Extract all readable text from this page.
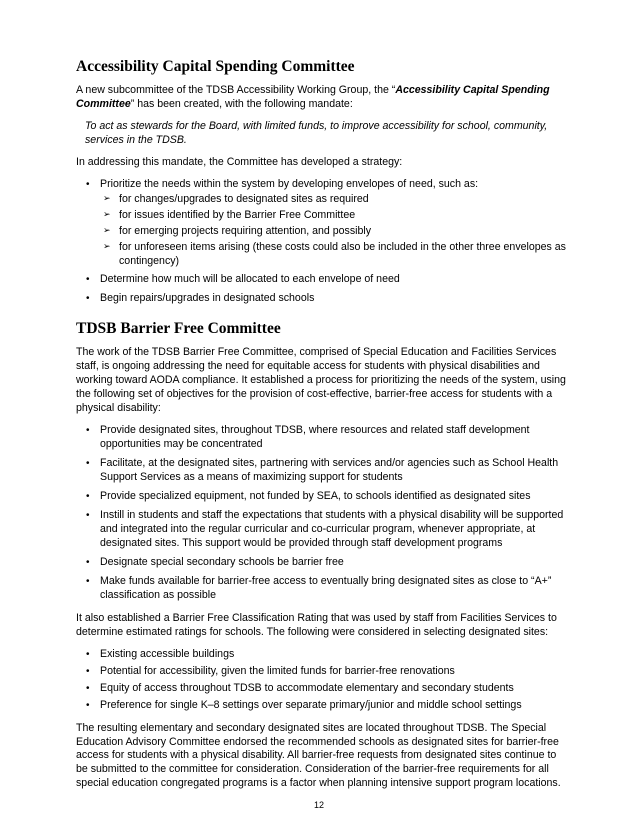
Accessibility Capital Spending Committee

A new subcommittee of the TDSB Accessibility Working Group, the “Accessibility Capital Spending Committee” has been created, with the following mandate:

To act as stewards for the Board, with limited funds, to improve accessibility for school, community, services in the TDSB.

In addressing this mandate, the Committee has developed a strategy:

• Prioritize the needs within the system by developing envelopes of need, such as:
➢ for changes/upgrades to designated sites as required
➢ for issues identified by the Barrier Free Committee
➢ for emerging projects requiring attention, and possibly
➢ for unforeseen items arising (these costs could also be included in the other three envelopes as contingency)
• Determine how much will be allocated to each envelope of need
• Begin repairs/upgrades in designated schools
TDSB Barrier Free Committee

The work of the TDSB Barrier Free Committee, comprised of Special Education and Facilities Services staff, is ongoing addressing the need for equitable access for students with physical disabilities and working toward AODA compliance. It established a process for prioritizing the needs of the system, using the following set of objectives for the provision of cost-effective, barrier-free access for students with a physical disability:

• Provide designated sites, throughout TDSB, where resources and related staff development opportunities may be concentrated
• Facilitate, at the designated sites, partnering with services and/or agencies such as School Health Support Services as a means of maximizing support for students
• Provide specialized equipment, not funded by SEA, to schools identified as designated sites
• Instill in students and staff the expectations that students with a physical disability will be supported and integrated into the regular curricular and co-curricular program, whenever appropriate, at designated sites. This support would be provided through staff development programs
• Designate special secondary schools be barrier free
• Make funds available for barrier-free access to eventually bring designated sites as close to “A+” classification as possible

It also established a Barrier Free Classification Rating that was used by staff from Facilities Services to determine estimated ratings for schools. The following were considered in selecting designated sites:

• Existing accessible buildings
• Potential for accessibility, given the limited funds for barrier-free renovations
• Equity of access throughout TDSB to accommodate elementary and secondary students
• Preference for single K–8 settings over separate primary/junior and middle school settings

The resulting elementary and secondary designated sites are located throughout TDSB. The Special Education Advisory Committee endorsed the recommended schools as designated sites for barrier-free access for students with a physical disability. All barrier-free requests from designated sites continue to be submitted to the committee for consideration. Consideration of the barrier-free requirements for all special education congregated programs is a factor when planning intensive support program locations.

12
